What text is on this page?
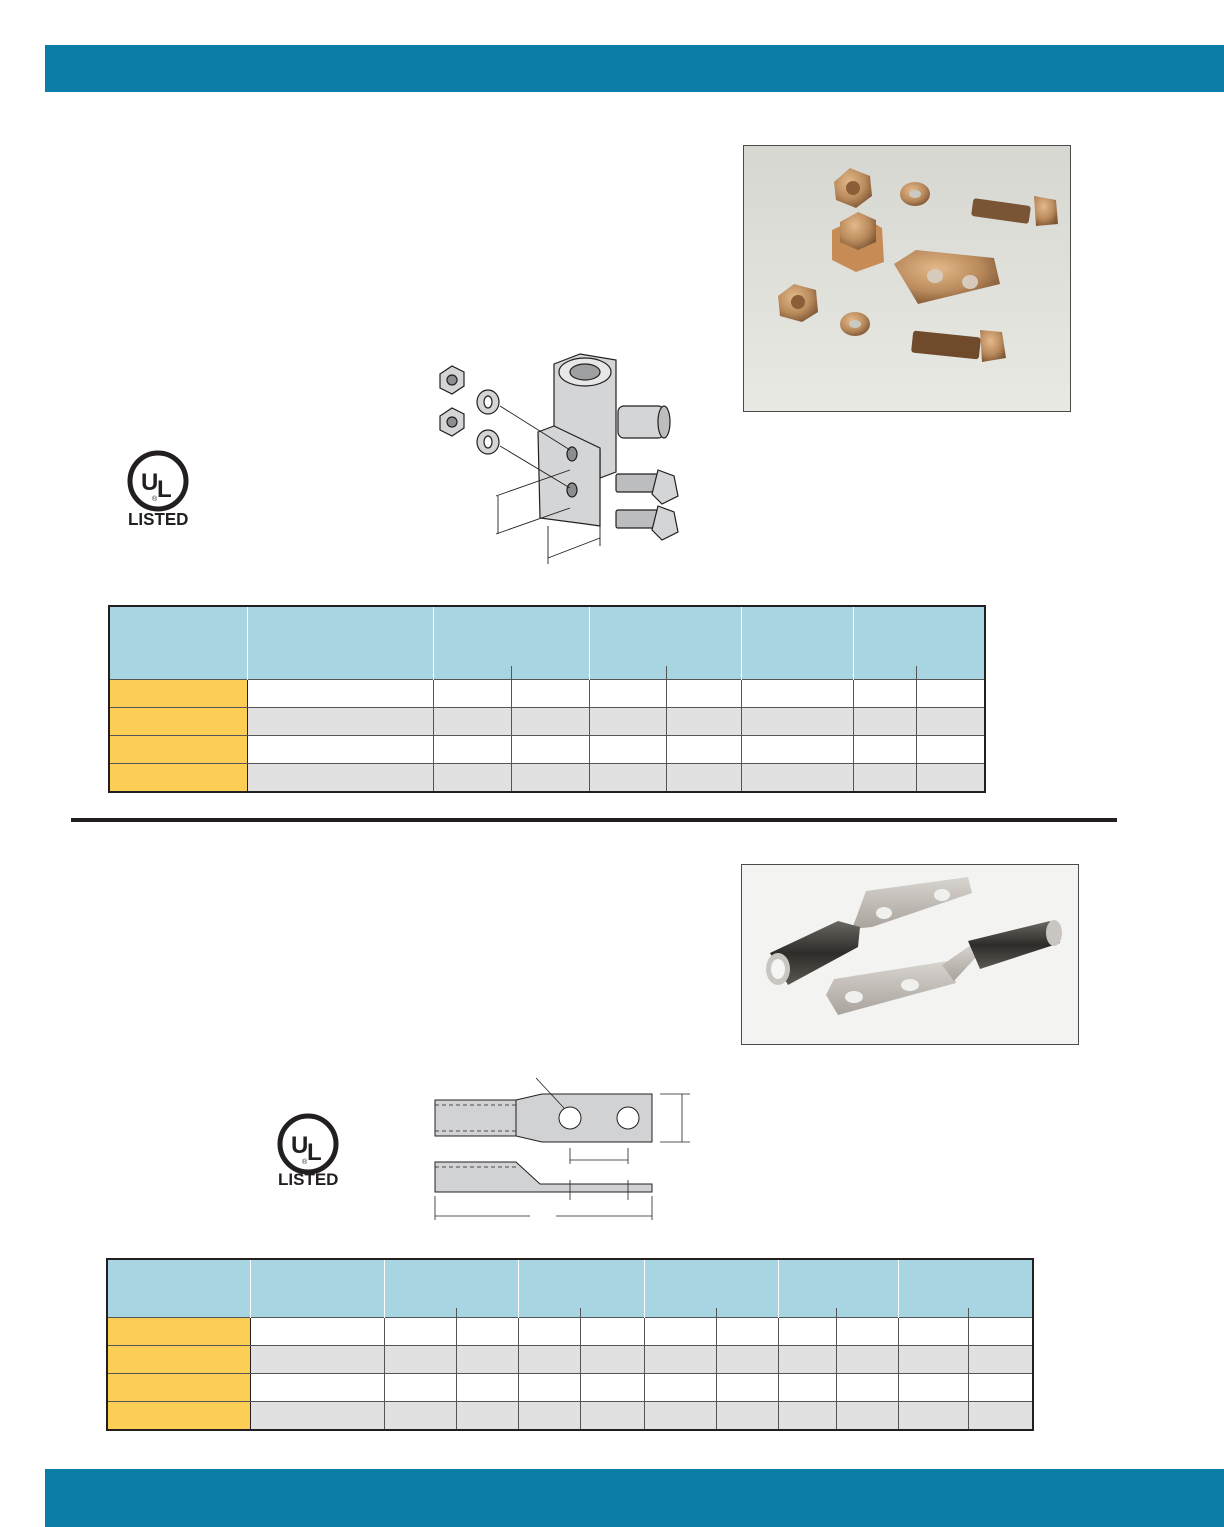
U
L
®
LISTED

U
L
®
LISTED
